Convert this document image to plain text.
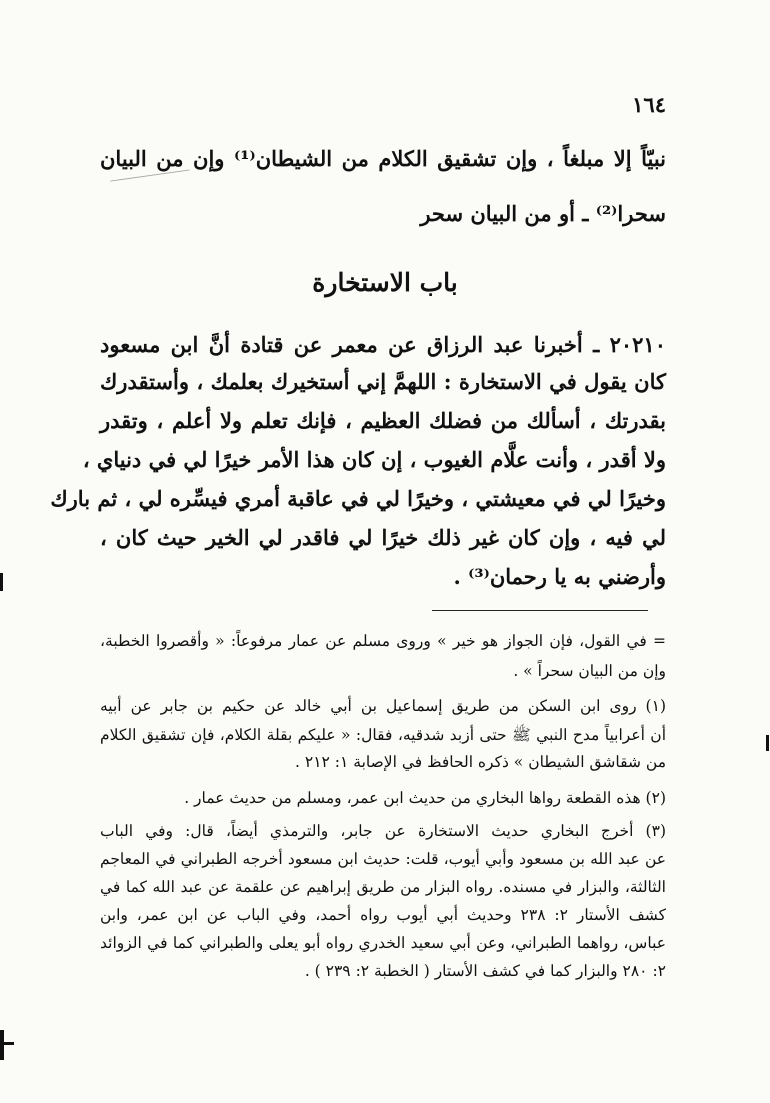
١٦٤
نبيّاً إلا مبلغاً ، وإن تشقيق الكلام من الشيطان⁽¹⁾ وإن من البيان
سحرا⁽²⁾ ـ أو من البيان سحر
باب الاستخارة
٢٠٢١٠ ـ أخبرنا عبد الرزاق عن معمر عن قتادة أنَّ ابن مسعود
كان يقول في الاستخارة : اللهمَّ إني أستخيرك بعلمك ، وأستقدرك
بقدرتك ، أسألك من فضلك العظيم ، فإنك تعلم ولا أعلم ، وتقدر
ولا أقدر ، وأنت علَّام الغيوب ، إن كان هذا الأمر خيرًا لي في دنياي ،
وخيرًا لي في معيشتي ، وخيرًا لي في عاقبة أمري فيسِّره لي ، ثم بارك
لي فيه ، وإن كان غير ذلك خيرًا لي فاقدر لي الخير حيث كان ،
وأرضني به يا رحمان⁽³⁾ .
= في القول، فإن الجواز هو خير » وروى مسلم عن عمار مرفوعاً: « وأقصروا الخطبة،
وإن من البيان سحراً » .
(١) روى ابن السكن من طريق إسماعيل بن أبي خالد عن حكيم بن جابر عن أبيه
أن أعرابياً مدح النبي ﷺ حتى أزبد شدقيه، فقال: « عليكم بقلة الكلام، فإن تشقيق الكلام
من شقاشق الشيطان » ذكره الحافظ في الإصابة ١: ٢١٢ .
(٢) هذه القطعة رواها البخاري من حديث ابن عمر، ومسلم من حديث عمار .
(٣) أخرج البخاري حديث الاستخارة عن جابر، والترمذي أيضاً، قال: وفي الباب
عن عبد الله بن مسعود وأبي أيوب، قلت: حديث ابن مسعود أخرجه الطبراني في المعاجم
الثالثة، والبزار في مسنده. رواه البزار من طريق إبراهيم عن علقمة عن عبد الله كما في
كشف الأستار ٢: ٢٣٨ وحديث أبي أيوب رواه أحمد، وفي الباب عن ابن عمر، وابن
عباس، رواهما الطبراني، وعن أبي سعيد الخدري رواه أبو يعلى والطبراني كما في الزوائد
٢: ٢٨٠ والبزار كما في كشف الأستار ( الخطبة ٢: ٢٣٩ ) .
